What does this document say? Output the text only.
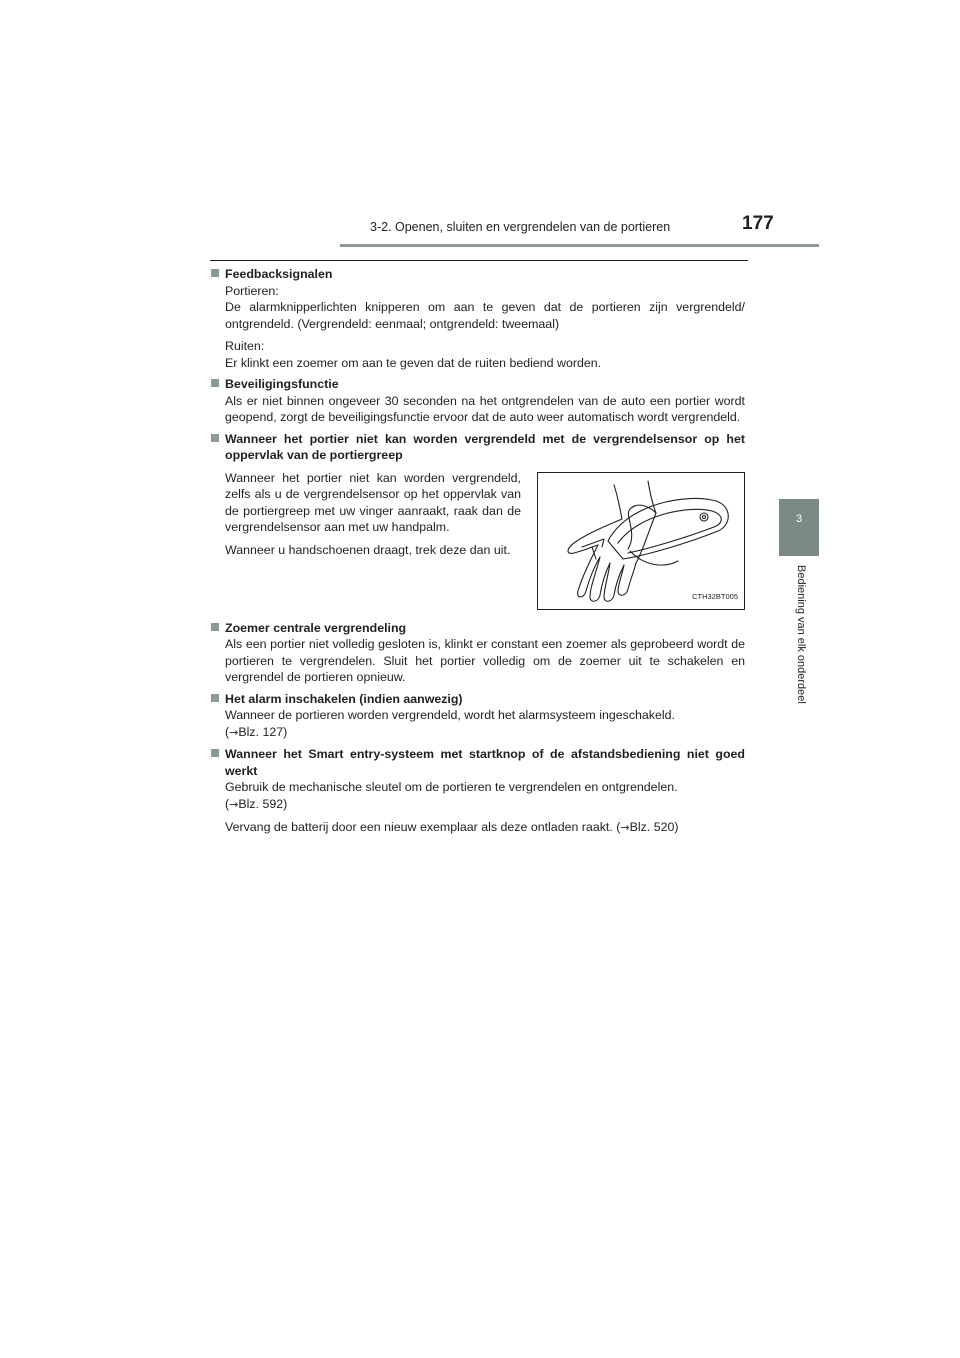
3-2. Openen, sluiten en vergrendelen van de portieren	177
3
Bediening van elk onderdeel
Feedbacksignalen
Portieren:
De alarmknipperlichten knipperen om aan te geven dat de portieren zijn vergrendeld/ ontgrendeld. (Vergrendeld: eenmaal; ontgrendeld: tweemaal)
Ruiten:
Er klinkt een zoemer om aan te geven dat de ruiten bediend worden.
Beveiligingsfunctie
Als er niet binnen ongeveer 30 seconden na het ontgrendelen van de auto een portier wordt geopend, zorgt de beveiligingsfunctie ervoor dat de auto weer automatisch wordt vergrendeld.
Wanneer het portier niet kan worden vergrendeld met de vergrendelsensor op het oppervlak van de portiergreep
CTH32BT005
Wanneer het portier niet kan worden vergrendeld, zelfs als u de vergrendelsensor op het oppervlak van de portiergreep met uw vinger aanraakt, raak dan de vergrendelsensor aan met uw handpalm.
Wanneer u handschoenen draagt, trek deze dan uit.
Zoemer centrale vergrendeling
Als een portier niet volledig gesloten is, klinkt er constant een zoemer als geprobeerd wordt de portieren te vergrendelen. Sluit het portier volledig om de zoemer uit te schakelen en vergrendel de portieren opnieuw.
Het alarm inschakelen (indien aanwezig)
Wanneer de portieren worden vergrendeld, wordt het alarmsysteem ingeschakeld.
(→Blz. 127)
Wanneer het Smart entry-systeem met startknop of de afstandsbediening niet goed werkt
Gebruik de mechanische sleutel om de portieren te vergrendelen en ontgrendelen.
(→Blz. 592)
Vervang de batterij door een nieuw exemplaar als deze ontladen raakt. (→Blz. 520)
